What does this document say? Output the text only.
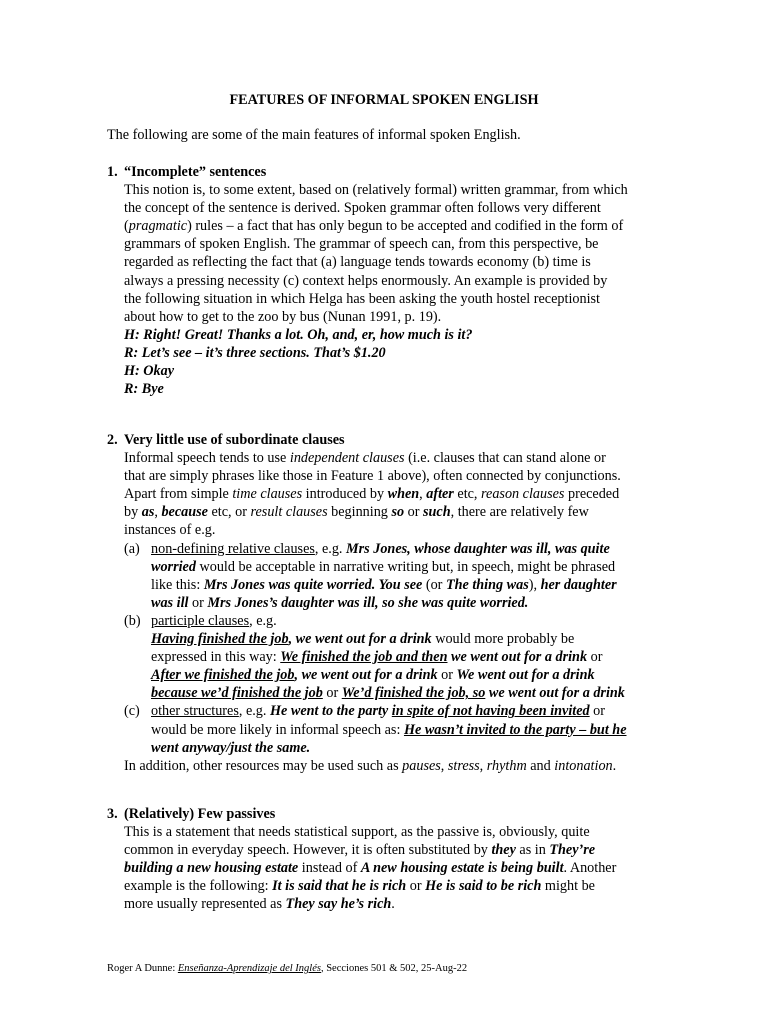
FEATURES OF INFORMAL SPOKEN ENGLISH
The following are some of the main features of informal spoken English.
1. “Incomplete” sentences
This notion is, to some extent, based on (relatively formal) written grammar, from which
the concept of the sentence is derived. Spoken grammar often follows very different
(pragmatic) rules – a fact that has only begun to be accepted and codified in the form of
grammars of spoken English. The grammar of speech can, from this perspective, be
regarded as reflecting the fact that (a) language tends towards economy (b) time is
always a pressing necessity (c) context helps enormously. An example is provided by
the following situation in which Helga has been asking the youth hostel receptionist
about how to get to the zoo by bus (Nunan 1991, p. 19).
H: Right! Great! Thanks a lot. Oh, and, er, how much is it?
R: Let’s see – it’s three sections. That’s $1.20
H: Okay
R: Bye
2. Very little use of subordinate clauses
Informal speech tends to use independent clauses (i.e. clauses that can stand alone or
that are simply phrases like those in Feature 1 above), often connected by conjunctions.
Apart from simple time clauses introduced by when, after etc, reason clauses preceded
by as, because etc, or result clauses beginning so or such, there are relatively few
instances of e.g.
(a) non-defining relative clauses, e.g. Mrs Jones, whose daughter was ill, was quite
worried would be acceptable in narrative writing but, in speech, might be phrased
like this: Mrs Jones was quite worried. You see (or The thing was), her daughter
was ill or Mrs Jones’s daughter was ill, so she was quite worried.
(b) participle clauses, e.g.
Having finished the job, we went out for a drink would more probably be
expressed in this way: We finished the job and then we went out for a drink or
After we finished the job, we went out for a drink or We went out for a drink
because we’d finished the job or We’d finished the job, so we went out for a drink
(c) other structures, e.g. He went to the party in spite of not having been invited or
would be more likely in informal speech as: He wasn’t invited to the party – but he
went anyway/just the same.
In addition, other resources may be used such as pauses, stress, rhythm and intonation.
3. (Relatively) Few passives
This is a statement that needs statistical support, as the passive is, obviously, quite
common in everyday speech. However, it is often substituted by they as in They’re
building a new housing estate instead of A new housing estate is being built. Another
example is the following: It is said that he is rich or He is said to be rich might be
more usually represented as They say he’s rich.
Roger A Dunne: Enseñanza-Aprendizaje del Inglés, Secciones 501 & 502, 25-Aug-22
